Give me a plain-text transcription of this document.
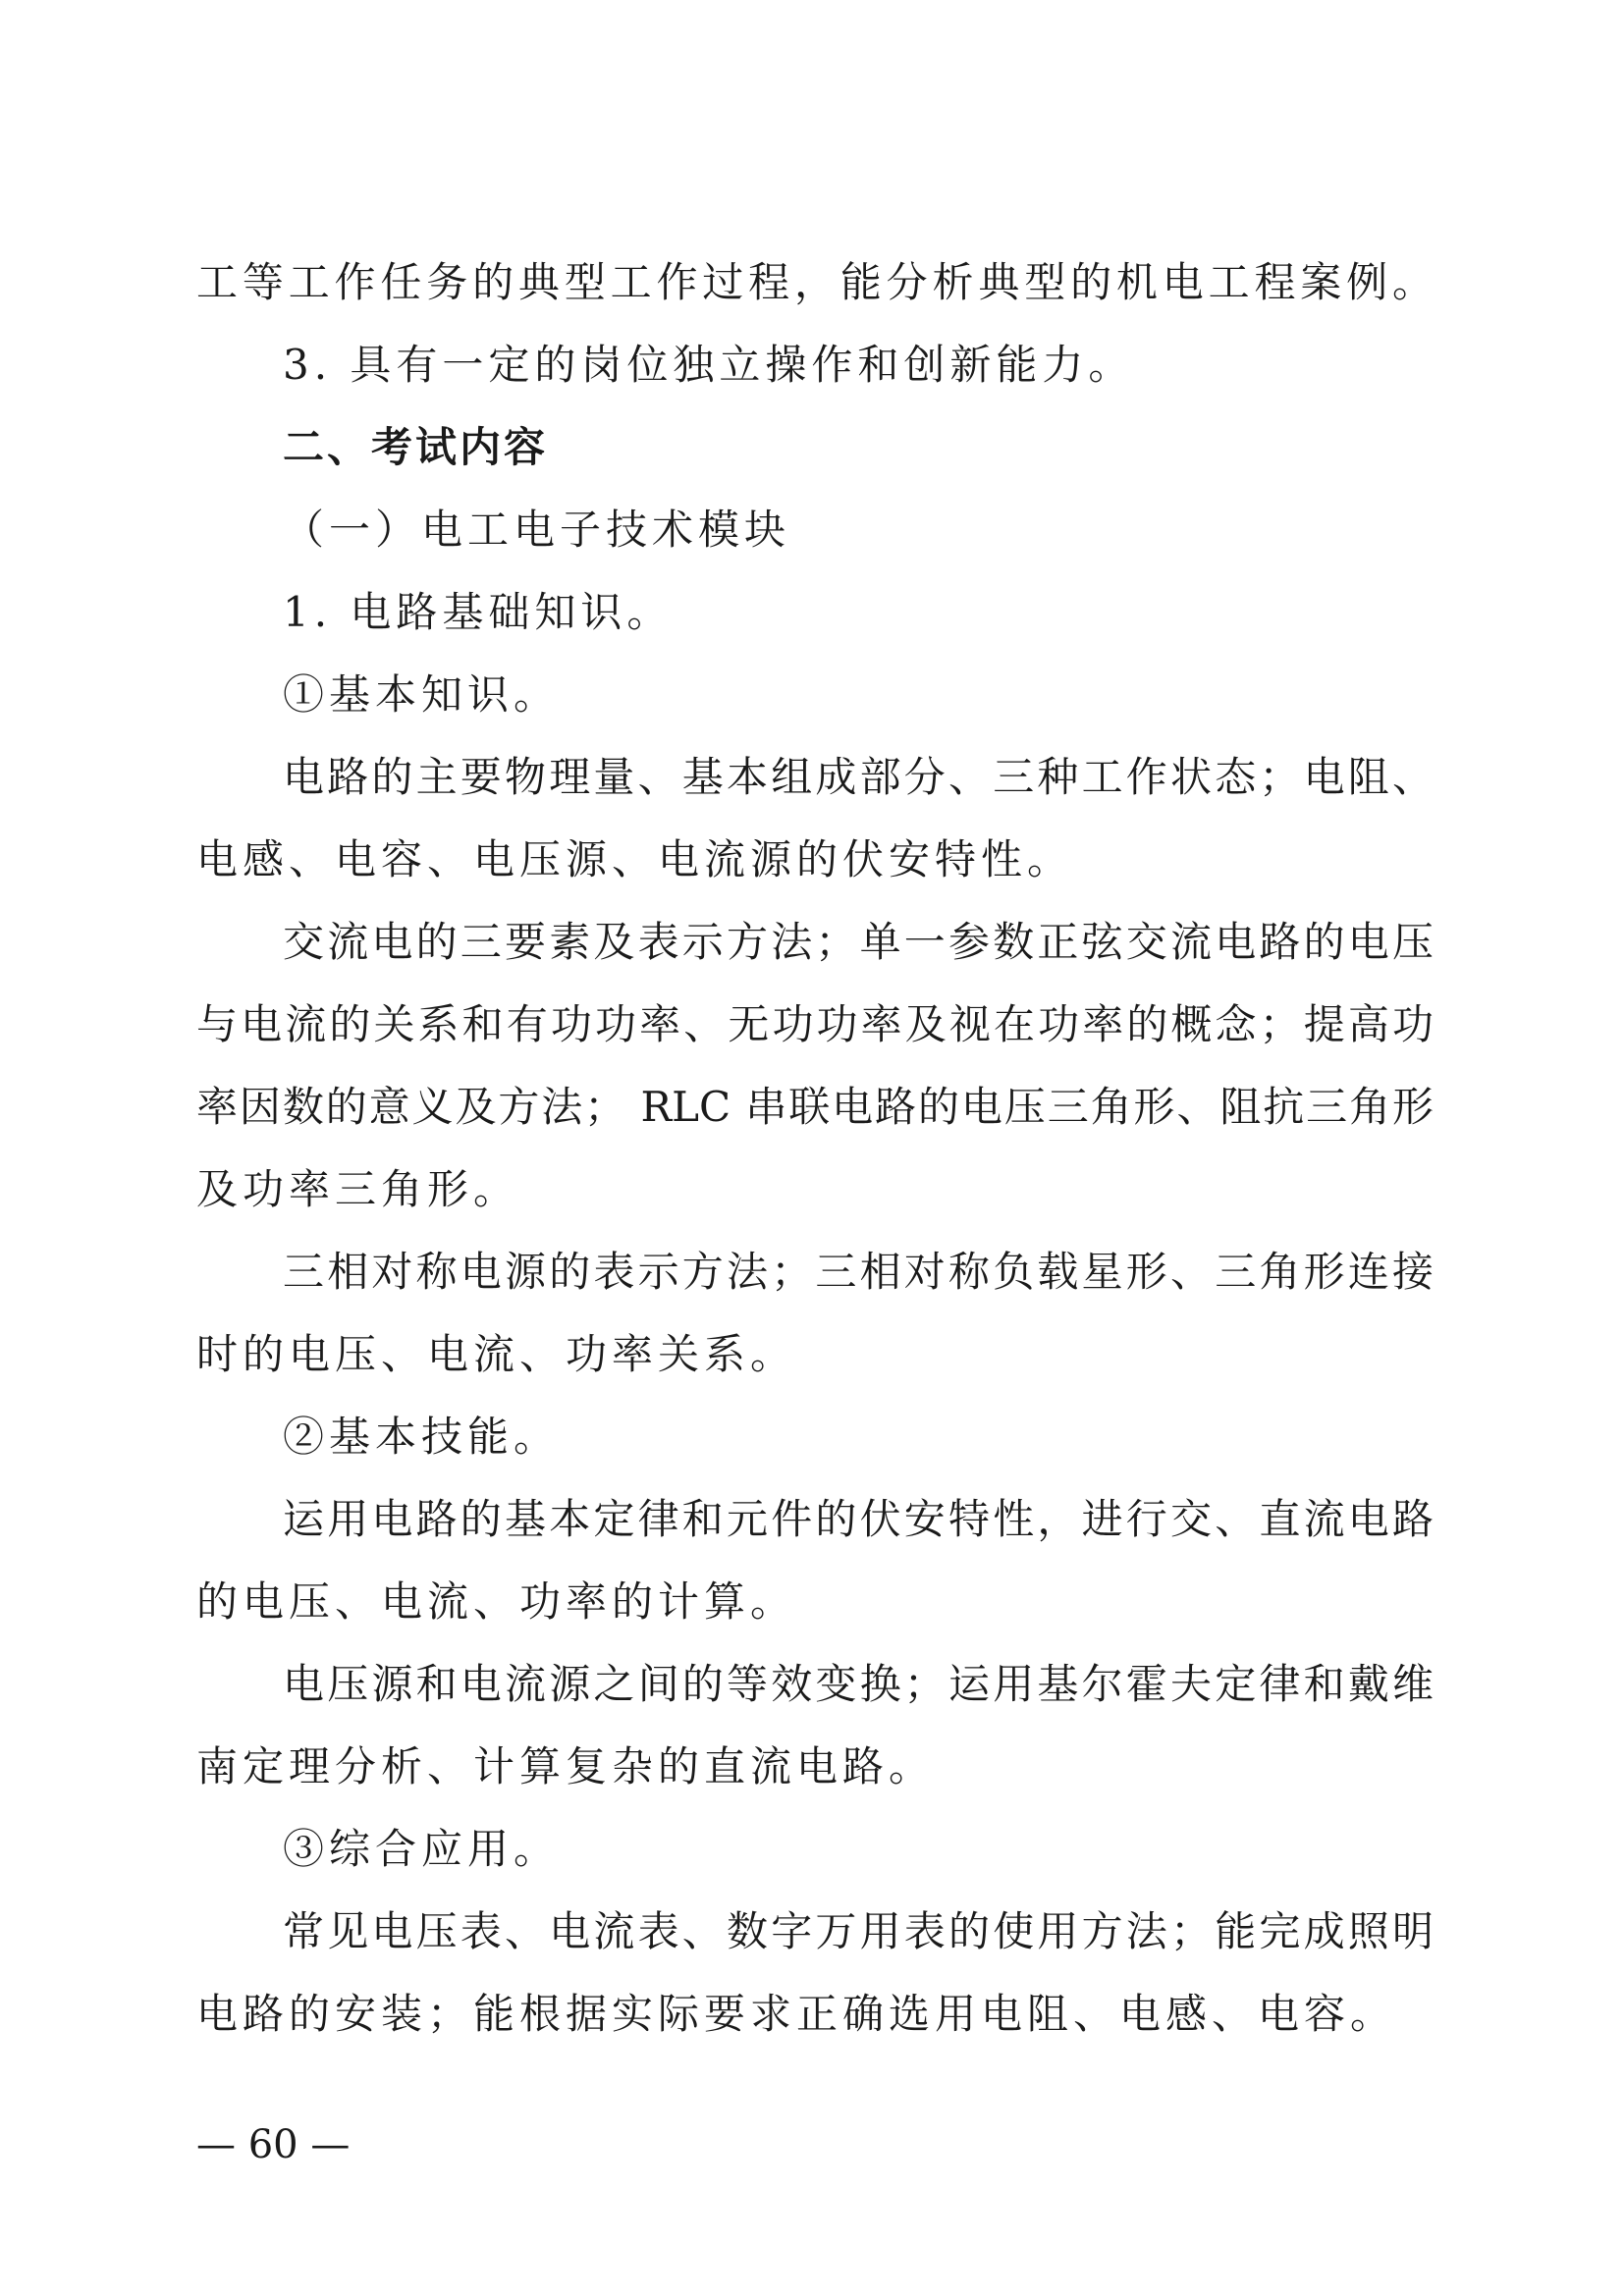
工等工作任务的典型工作过程，能分析典型的机电工程案例。
3. 具有一定的岗位独立操作和创新能力。
二、考试内容
（一）电工电子技术模块
1. 电路基础知识。
①基本知识。
电路的主要物理量、基本组成部分、三种工作状态；电阻、
电感、电容、电压源、电流源的伏安特性。
交流电的三要素及表示方法；单一参数正弦交流电路的电压
与电流的关系和有功功率、无功功率及视在功率的概念；提高功
率因数的意义及方法； RLC 串联电路的电压三角形、阻抗三角形
及功率三角形。
三相对称电源的表示方法；三相对称负载星形、三角形连接
时的电压、电流、功率关系。
②基本技能。
运用电路的基本定律和元件的伏安特性，进行交、直流电路
的电压、电流、功率的计算。
电压源和电流源之间的等效变换；运用基尔霍夫定律和戴维
南定理分析、计算复杂的直流电路。
③综合应用。
常见电压表、电流表、数字万用表的使用方法；能完成照明
电路的安装；能根据实际要求正确选用电阻、电感、电容。
— 60 —
